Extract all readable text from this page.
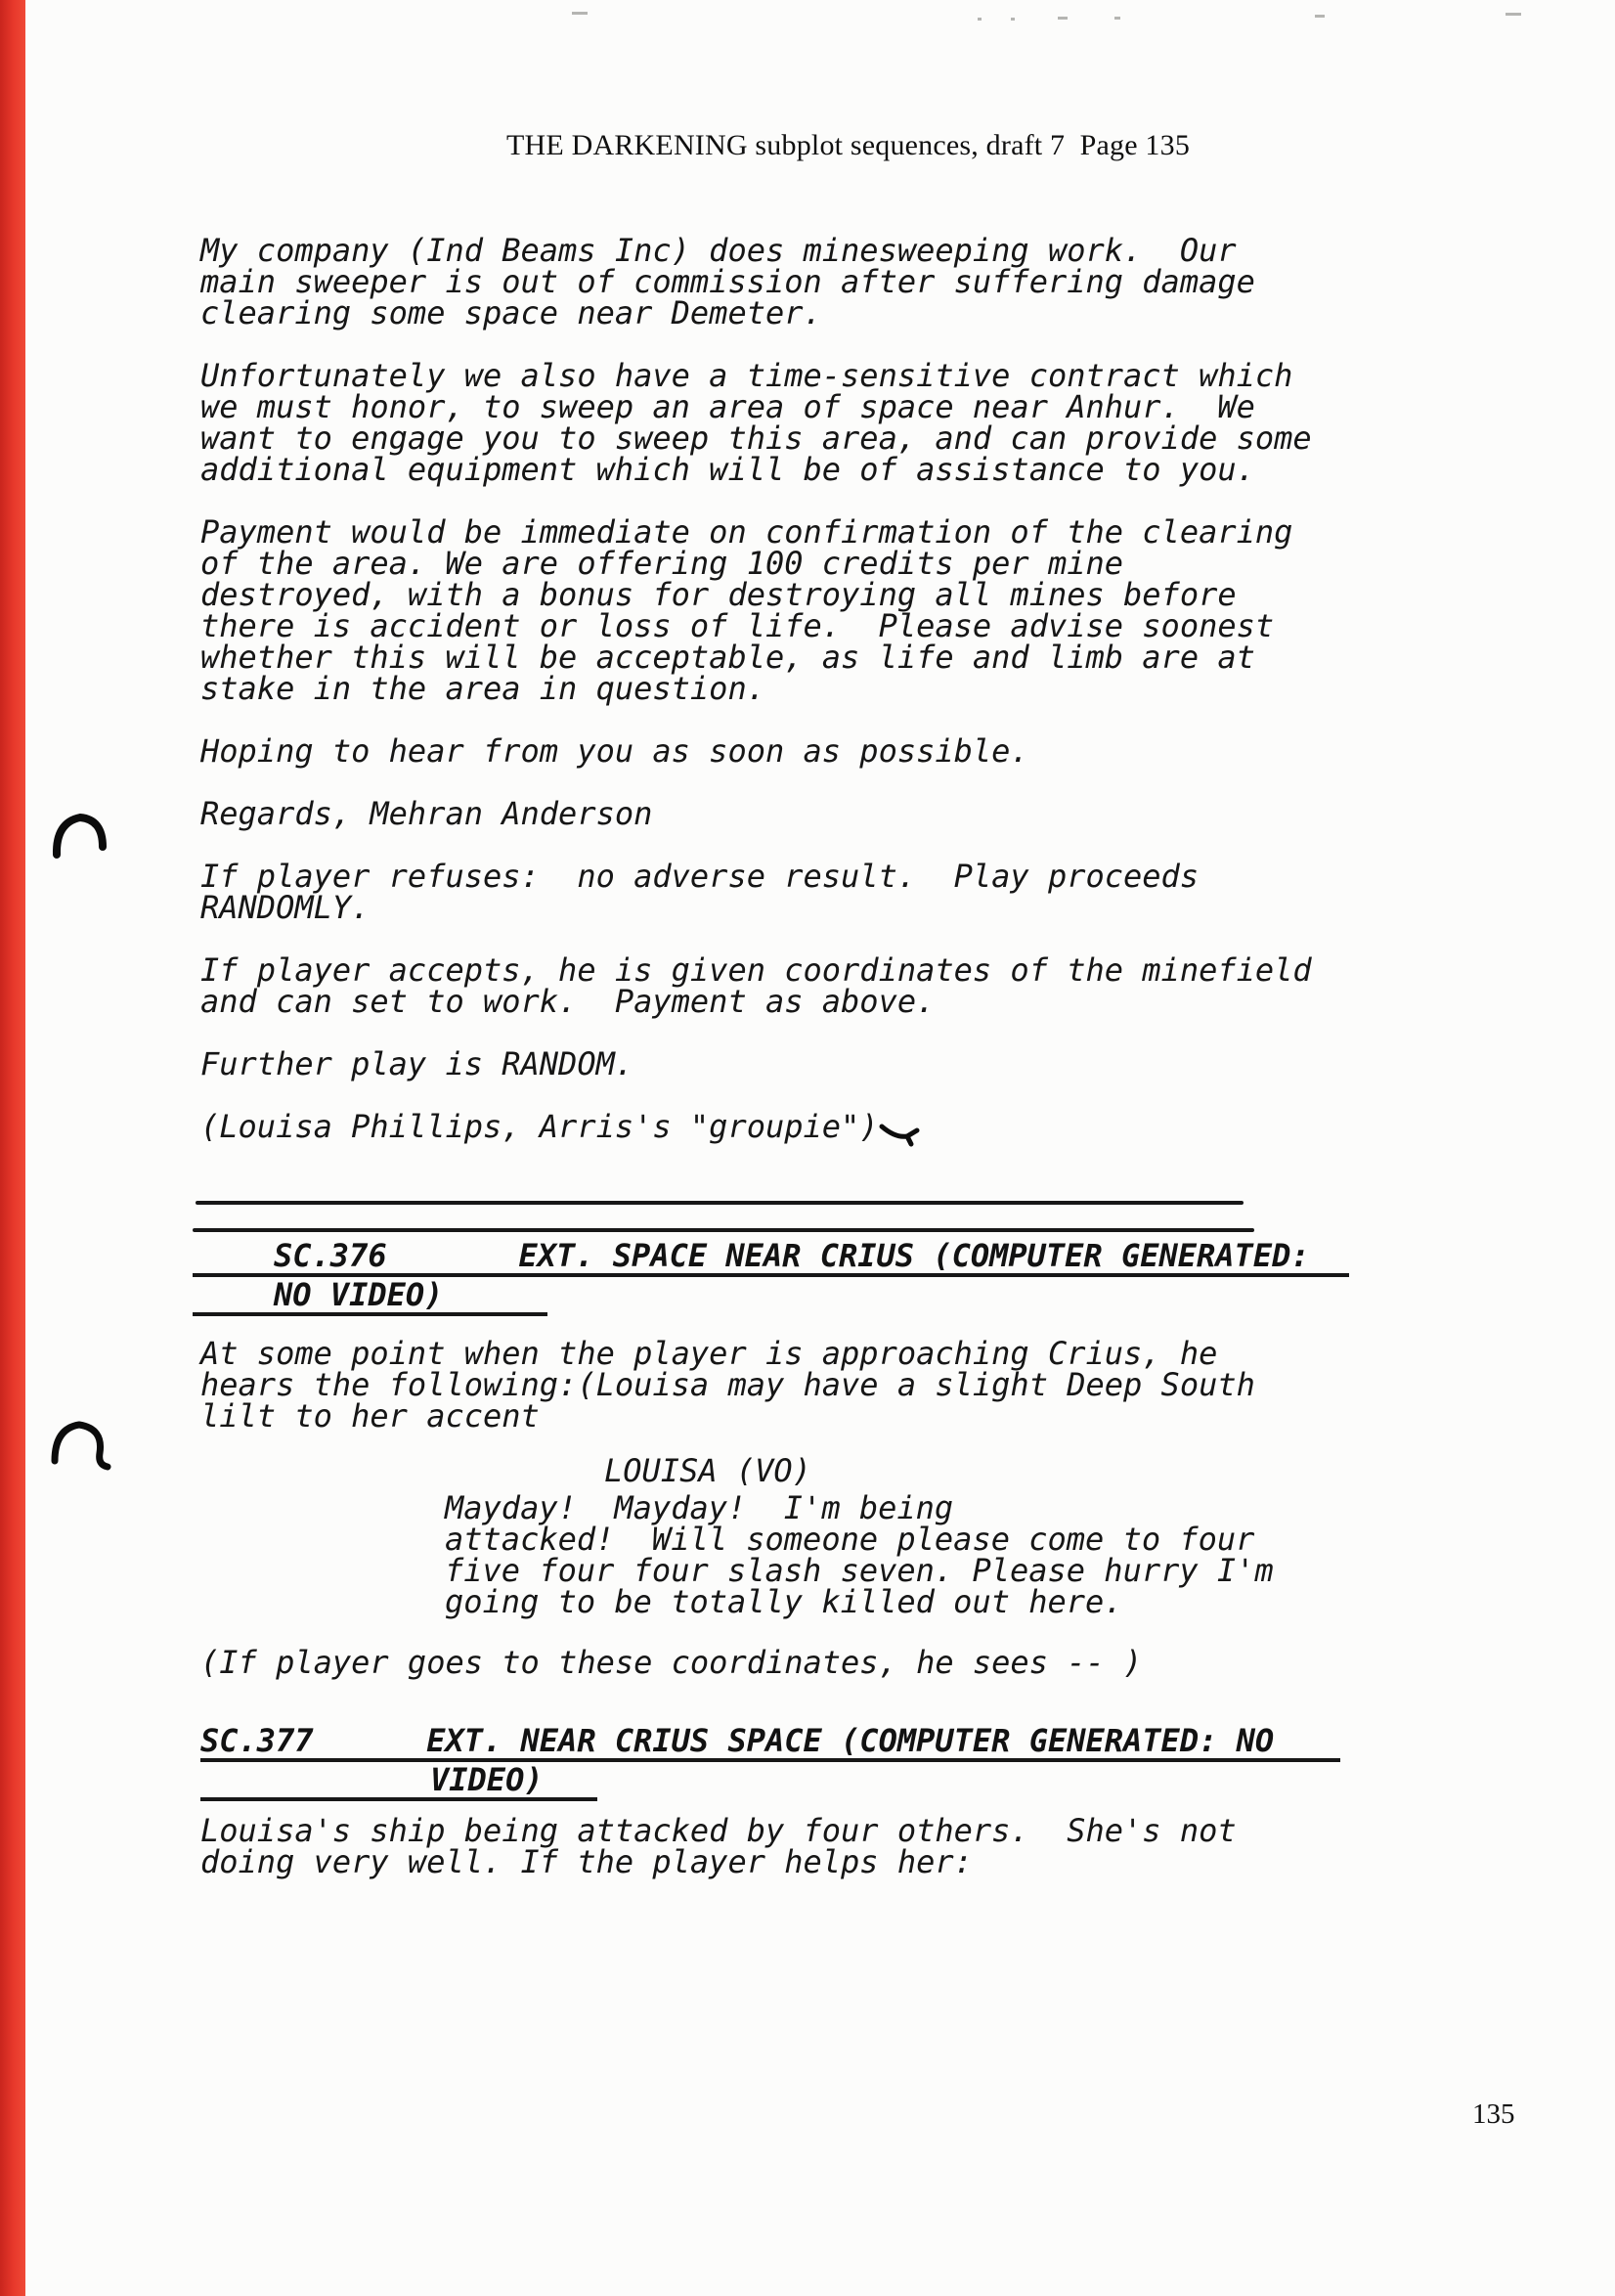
THE DARKENING subplot sequences, draft 7  Page 135
My company (Ind Beams Inc) does minesweeping work.  Our
main sweeper is out of commission after suffering damage
clearing some space near Demeter.
Unfortunately we also have a time-sensitive contract which
we must honor, to sweep an area of space near Anhur.  We
want to engage you to sweep this area, and can provide some
additional equipment which will be of assistance to you.
Payment would be immediate on confirmation of the clearing
of the area. We are offering 100 credits per mine
destroyed, with a bonus for destroying all mines before
there is accident or loss of life.  Please advise soonest
whether this will be acceptable, as life and limb are at
stake in the area in question.
Hoping to hear from you as soon as possible.
Regards, Mehran Anderson
If player refuses:  no adverse result.  Play proceeds
RANDOMLY.
If player accepts, he is given coordinates of the minefield
and can set to work.  Payment as above.
Further play is RANDOM.
(Louisa Phillips, Arris's "groupie")
SC.376       EXT. SPACE NEAR CRIUS (COMPUTER GENERATED:
NO VIDEO)
At some point when the player is approaching Crius, he
hears the following:(Louisa may have a slight Deep South
lilt to her accent
LOUISA (VO)
Mayday!  Mayday!  I'm being
attacked!  Will someone please come to four
five four four slash seven. Please hurry I'm
going to be totally killed out here.
(If player goes to these coordinates, he sees -- )
SC.377      EXT. NEAR CRIUS SPACE (COMPUTER GENERATED: NO
VIDEO)
Louisa's ship being attacked by four others.  She's not
doing very well. If the player helps her:
135
